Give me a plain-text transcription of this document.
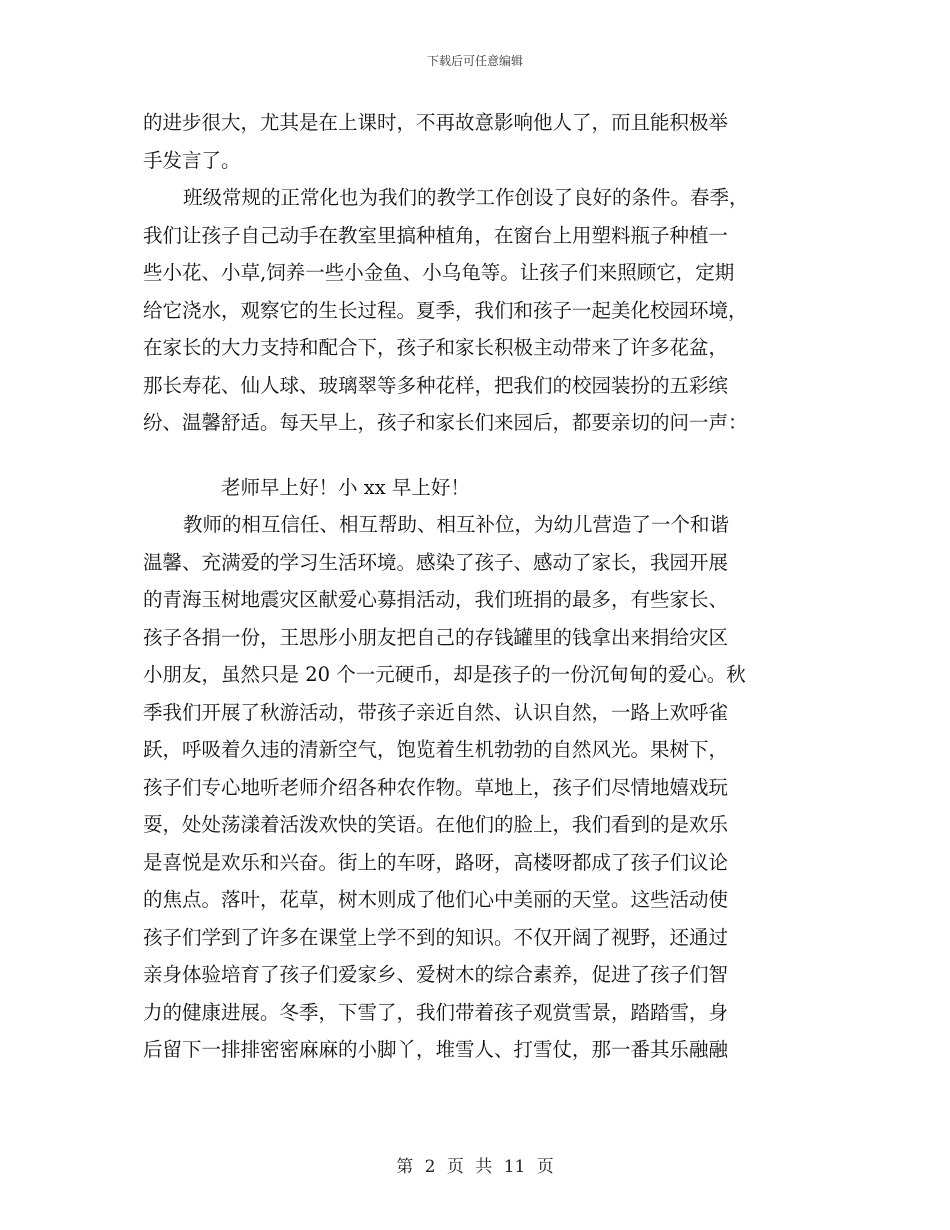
下载后可任意编辑
的进步很大，尤其是在上课时，不再故意影响他人了，而且能积极举
手发言了。
班级常规的正常化也为我们的教学工作创设了良好的条件。春季，
我们让孩子自己动手在教室里搞种植角，在窗台上用塑料瓶子种植一
些小花、小草,饲养一些小金鱼、小乌龟等。让孩子们来照顾它，定期
给它浇水，观察它的生长过程。夏季，我们和孩子一起美化校园环境，
在家长的大力支持和配合下，孩子和家长积极主动带来了许多花盆，
那长寿花、仙人球、玻璃翠等多种花样，把我们的校园装扮的五彩缤
纷、温馨舒适。每天早上，孩子和家长们来园后，都要亲切的问一声：
老师早上好！小 xx 早上好！
教师的相互信任、相互帮助、相互补位，为幼儿营造了一个和谐
温馨、充满爱的学习生活环境。感染了孩子、感动了家长，我园开展
的青海玉树地震灾区献爱心募捐活动，我们班捐的最多，有些家长、
孩子各捐一份，王思彤小朋友把自己的存钱罐里的钱拿出来捐给灾区
小朋友，虽然只是 20 个一元硬币，却是孩子的一份沉甸甸的爱心。秋
季我们开展了秋游活动，带孩子亲近自然、认识自然，一路上欢呼雀
跃，呼吸着久违的清新空气，饱览着生机勃勃的自然风光。果树下，
孩子们专心地听老师介绍各种农作物。草地上，孩子们尽情地嬉戏玩
耍，处处荡漾着活泼欢快的笑语。在他们的脸上，我们看到的是欢乐
是喜悦是欢乐和兴奋。街上的车呀，路呀，高楼呀都成了孩子们议论
的焦点。落叶，花草，树木则成了他们心中美丽的天堂。这些活动使
孩子们学到了许多在课堂上学不到的知识。不仅开阔了视野，还通过
亲身体验培育了孩子们爱家乡、爱树木的综合素养，促进了孩子们智
力的健康进展。冬季，下雪了，我们带着孩子观赏雪景，踏踏雪，身
后留下一排排密密麻麻的小脚丫，堆雪人、打雪仗，那一番其乐融融
第 2 页 共 11 页
